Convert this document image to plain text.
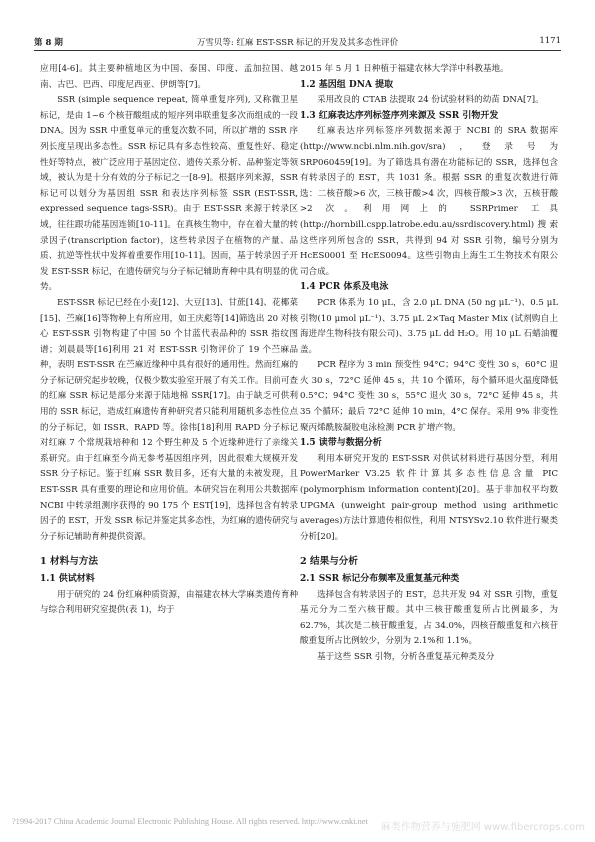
第 8 期	万雪贝等: 红麻 EST-SSR 标记的开发及其多态性评价	1171

应用[4-6]。其主要种植地区为中国、泰国、印度、孟加拉国、越南、古巴、巴西、印度尼西亚、伊朗等[7]。

SSR (simple sequence repeat, 简单重复序列), 又称微卫星标记，是由 1~6 个核苷酸组成的短序列串联重复多次而组成的一段 DNA。因为 SSR 中重复单元的重复次数不同，所以扩增的 SSR 序列长度呈现出多态性。SSR 标记具有多态性较高、重复性好、稳定性好等特点，被广泛应用于基因定位、遗传关系分析、品种鉴定等领域，被认为是十分有效的分子标记之一[8-9]。根据序列来源，SSR 标记可以划分为基因组 SSR 和表达序列标签 SSR (EST-SSR, expressed sequence tags-SSR)。由于 EST-SSR 来源于转录区域，往往跟功能基因连锁[10-11]。在真核生物中，存在着大量的转录因子(transcription factor)，这些转录因子在植物的产量、品质、抗逆等性状中发挥着重要作用[10-11]。因而，基于转录因子开发 EST-SSR 标记，在遗传研究与分子标记辅助育种中具有明显的优势。

EST-SSR 标记已经在小麦[12]、大豆[13]、甘蔗[14]、花椰菜[15]、苎麻[16]等物种上有所应用，如王庆彪等[14]筛选出 20 对核心 EST-SSR 引物构建了中国 50 个甘蓝代表品种的 SSR 指纹图谱；刘晨晨等[16]利用 21 对 EST-SSR 引物评价了 19 个苎麻品种，表明 EST-SSR 在苎麻近缘种中具有很好的通用性。然而红麻的分子标记研究起步较晚，仅极少数实验室开展了有关工作。目前可查的红麻 SSR 标记是部分来源于陆地棉 SSR[17]。由于缺乏可供利用的 SSR 标记，造成红麻遗传育种研究者只能利用随机多态性位点的分子标记，如 ISSR、RAPD 等。徐伟[18]利用 RAPD 分子标记对红麻 7 个常规栽培种和 12 个野生种及 5 个近缘种进行了亲缘关系研究。由于红麻至今尚无参考基因组序列，因此很难大规模开发 SSR 分子标记。鉴于红麻 SSR 数目多，还有大量的未被发现，且 EST-SSR 具有重要的理论和应用价值。本研究旨在利用公共数据库 NCBI 中转录组测序获得的 90 175 个 EST[19]，选择包含有转录因子的 EST，开发 SSR 标记并鉴定其多态性，为红麻的遗传研究与分子标记辅助育种提供资源。

1 材料与方法
1.1 供试材料

用于研究的 24 份红麻种质资源，由福建农林大学麻类遗传育种与综合利用研究室提供(表 1)，均于

2015 年 5 月 1 日种植于福建农林大学洋中科教基地。

1.2 基因组 DNA 提取

采用改良的 CTAB 法提取 24 份试验材料的幼苗 DNA[7]。

1.3 红麻表达序列标签序列来源及 SSR 引物开发

红麻表达序列标签序列数据来源于 NCBI 的 SRA 数据库(http://www.ncbi.nlm.nih.gov/sra)，登录号为 SRP060459[19]。为了筛选具有潜在功能标记的 SSR，选择包含有转录因子的 EST，共 1031 条。根据 SSR 的重复次数进行筛选：二核苷酸>6 次，三核苷酸>4 次，四核苷酸>3 次，五核苷酸>2 次。利用网上的 SSRPrimer 工具(http://hornbill.cspp.latrobe.edu.au/ssrdiscovery.html)搜索这些序列所包含的 SSR，共得到 94 对 SSR 引物，编号分别为 HcES0001 至 HcES0094。这些引物由上海生工生物技术有限公司合成。

1.4 PCR 体系及电泳

PCR 体系为 10 μL，含 2.0 μL DNA (50 ng μL⁻¹)、0.5 μL 引物(10 μmol μL⁻¹)、3.75 μL 2×Taq Master Mix (试剂购自上海进岸生物科技有限公司)、3.75 μL dd H₂O。用 10 μL 石蜡油覆盖。

PCR 程序为 3 min 预变性 94°C；94°C 变性 30 s，60°C 退火 30 s，72°C 延伸 45 s，共 10 个循环，每个循环退火温度降低 0.5°C；94°C 变性 30 s，55°C 退火 30 s，72°C 延伸 45 s，共 35 个循环；最后 72°C 延伸 10 min，4°C 保存。采用 9% 非变性聚丙烯酰胺凝胶电泳检测 PCR 扩增产物。

1.5 读带与数据分析

利用本研究开发的 EST-SSR 对供试材料进行基因分型，利用 PowerMarker V3.25 软件计算其多态性信息含量 PIC (polymorphism information content)[20]。基于非加权平均数 UPGMA (unweight pair-group method using arithmetic averages)方法计算遗传相似性，利用 NTSYSv2.10 软件进行聚类分析[20]。

2 结果与分析
2.1 SSR 标记分布频率及重复基元种类

选择包含有转录因子的 EST，总共开发 94 对 SSR 引物，重复基元分为二至六核苷酸。其中三核苷酸重复所占比例最多，为 62.7%，其次是二核苷酸重复，占 34.0%，四核苷酸重复和六核苷酸重复所占比例较少，分别为 2.1%和 1.1%。

基于这些 SSR 引物，分析各重复基元种类及分

?1994-2017 China Academic Journal Electronic Publishing House. All rights reserved. http://www.cnki.net
麻类作物营养与施肥网 www.fibercrops.com
